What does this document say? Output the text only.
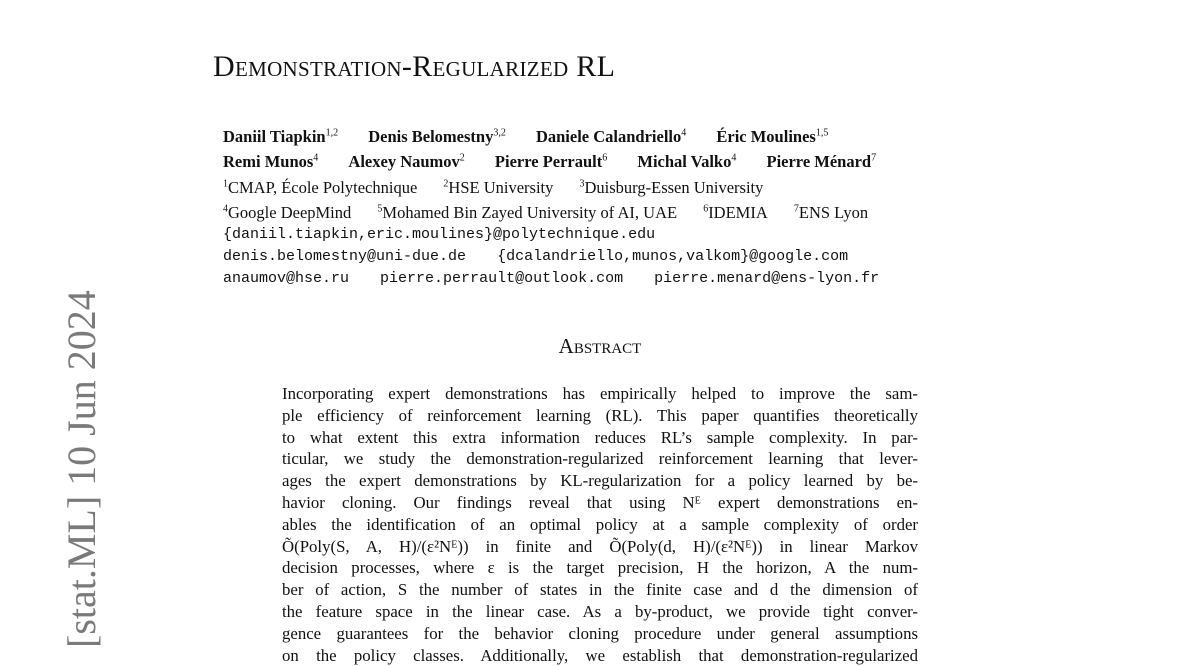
Demonstration-Regularized RL
Daniil Tiapkin$^{1,2}$ Denis Belomestny$^{3,2}$ Daniele Calandriello$^4$ Éric Moulines$^{1,5}$
Remi Munos$^4$ Alexey Naumov$^2$ Pierre Perrault$^6$ Michal Valko$^4$ Pierre Ménard$^7$
$^1$CMAP, École Polytechnique	$^2$HSE University	$^3$Duisburg-Essen University
$^4$Google DeepMind	$^5$Mohamed Bin Zayed University of AI, UAE	$^6$IDEMIA	$^7$ENS Lyon
{daniil.tiapkin,eric.moulines}@polytechnique.edu
denis.belomestny@uni-due.de {dcalandriello,munos,valkom}@google.com
anaumov@hse.ru pierre.perrault@outlook.com pierre.menard@ens-lyon.fr
Abstract
Incorporating expert demonstrations has empirically helped to improve the sam-
ple efficiency of reinforcement learning (RL). This paper quantifies theoretically
to what extent this extra information reduces RL’s sample complexity. In par-
ticular, we study the demonstration-regularized reinforcement learning that lever-
ages the expert demonstrations by KL-regularization for a policy learned by be-
havior cloning. Our findings reveal that using Nᴱ expert demonstrations en-
ables the identification of an optimal policy at a sample complexity of order
Õ(Poly(S, A, H)/(ε²Nᴱ)) in finite and Õ(Poly(d, H)/(ε²Nᴱ)) in linear Markov
decision processes, where ε is the target precision, H the horizon, A the num-
ber of action, S the number of states in the finite case and d the dimension of
the feature space in the linear case. As a by-product, we provide tight conver-
gence guarantees for the behavior cloning procedure under general assumptions
on the policy classes. Additionally, we establish that demonstration-regularized
[stat.ML] 10 Jun 2024
